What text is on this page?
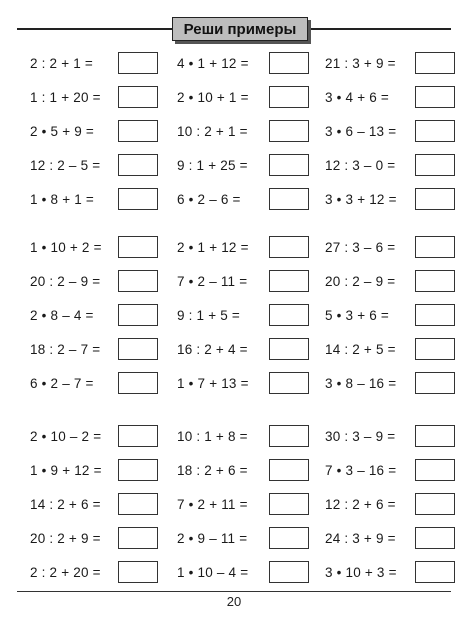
Реши примеры
2 : 2 + 1 =	4 • 1 + 12 =	21 : 3 + 9 =
1 : 1 + 20 =	2 • 10 + 1 =	3 • 4 + 6 =
2 • 5 + 9 =	10 : 2 + 1 =	3 • 6 – 13 =
12 : 2 – 5 =	9 : 1 + 25 =	12 : 3 – 0 =
1 • 8 + 1 =	6 • 2 – 6 =	3 • 3 + 12 =
1 • 10 + 2 =	2 • 1 + 12 =	27 : 3 – 6 =
20 : 2 – 9 =	7 • 2 – 11 =	20 : 2 – 9 =
2 • 8 – 4 =	9 : 1 + 5 =	5 • 3 + 6 =
18 : 2 – 7 =	16 : 2 + 4 =	14 : 2 + 5 =
6 • 2 – 7 =	1 • 7 + 13 =	3 • 8 – 16 =
2 • 10 – 2 =	10 : 1 + 8 =	30 : 3 – 9 =
1 • 9 + 12 =	18 : 2 + 6 =	7 • 3 – 16 =
14 : 2 + 6 =	7 • 2 + 11 =	12 : 2 + 6 =
20 : 2 + 9 =	2 • 9 – 11 =	24 : 3 + 9 =
2 : 2 + 20 =	1 • 10 – 4 =	3 • 10 + 3 =
20
